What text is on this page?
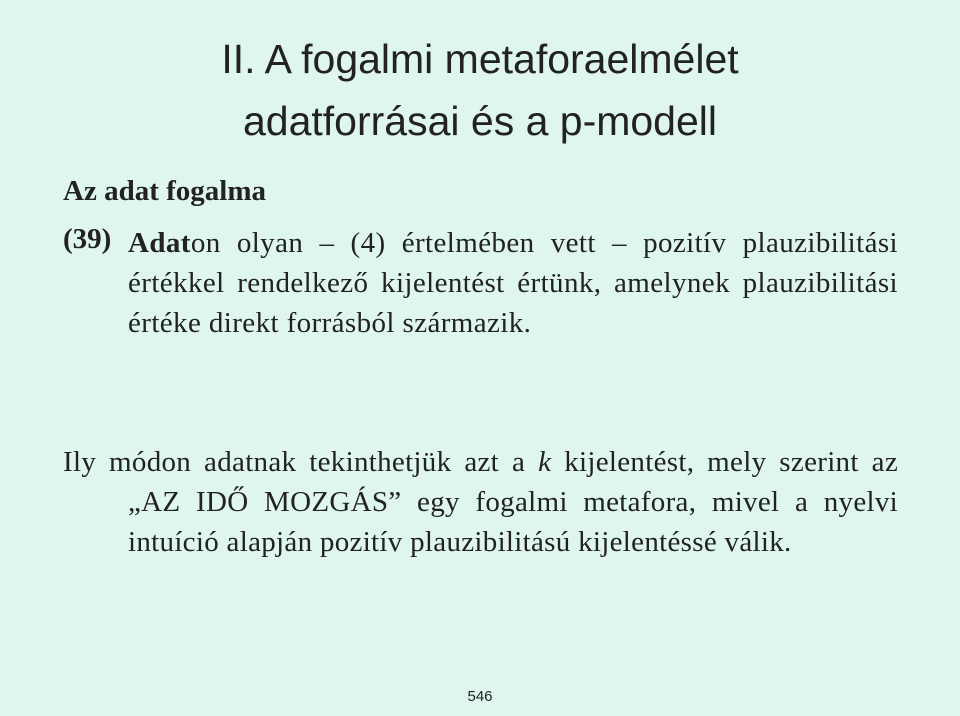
II. A fogalmi metaforaelmélet
adatforrásai és a p-modell
Az adat fogalma
(39) Adaton olyan – (4) értelmében vett – pozitív plauzibilitási értékkel rendelkező kijelentést értünk, amelynek plauzibilitási értéke direkt forrásból származik.
Ily módon adatnak tekinthetjük azt a k kijelentést, mely szerint az „AZ IDŐ MOZGÁS” egy fogalmi metafora, mivel a nyelvi intuíció alapján pozitív plauzibilitású kijelentéssé válik.
546
